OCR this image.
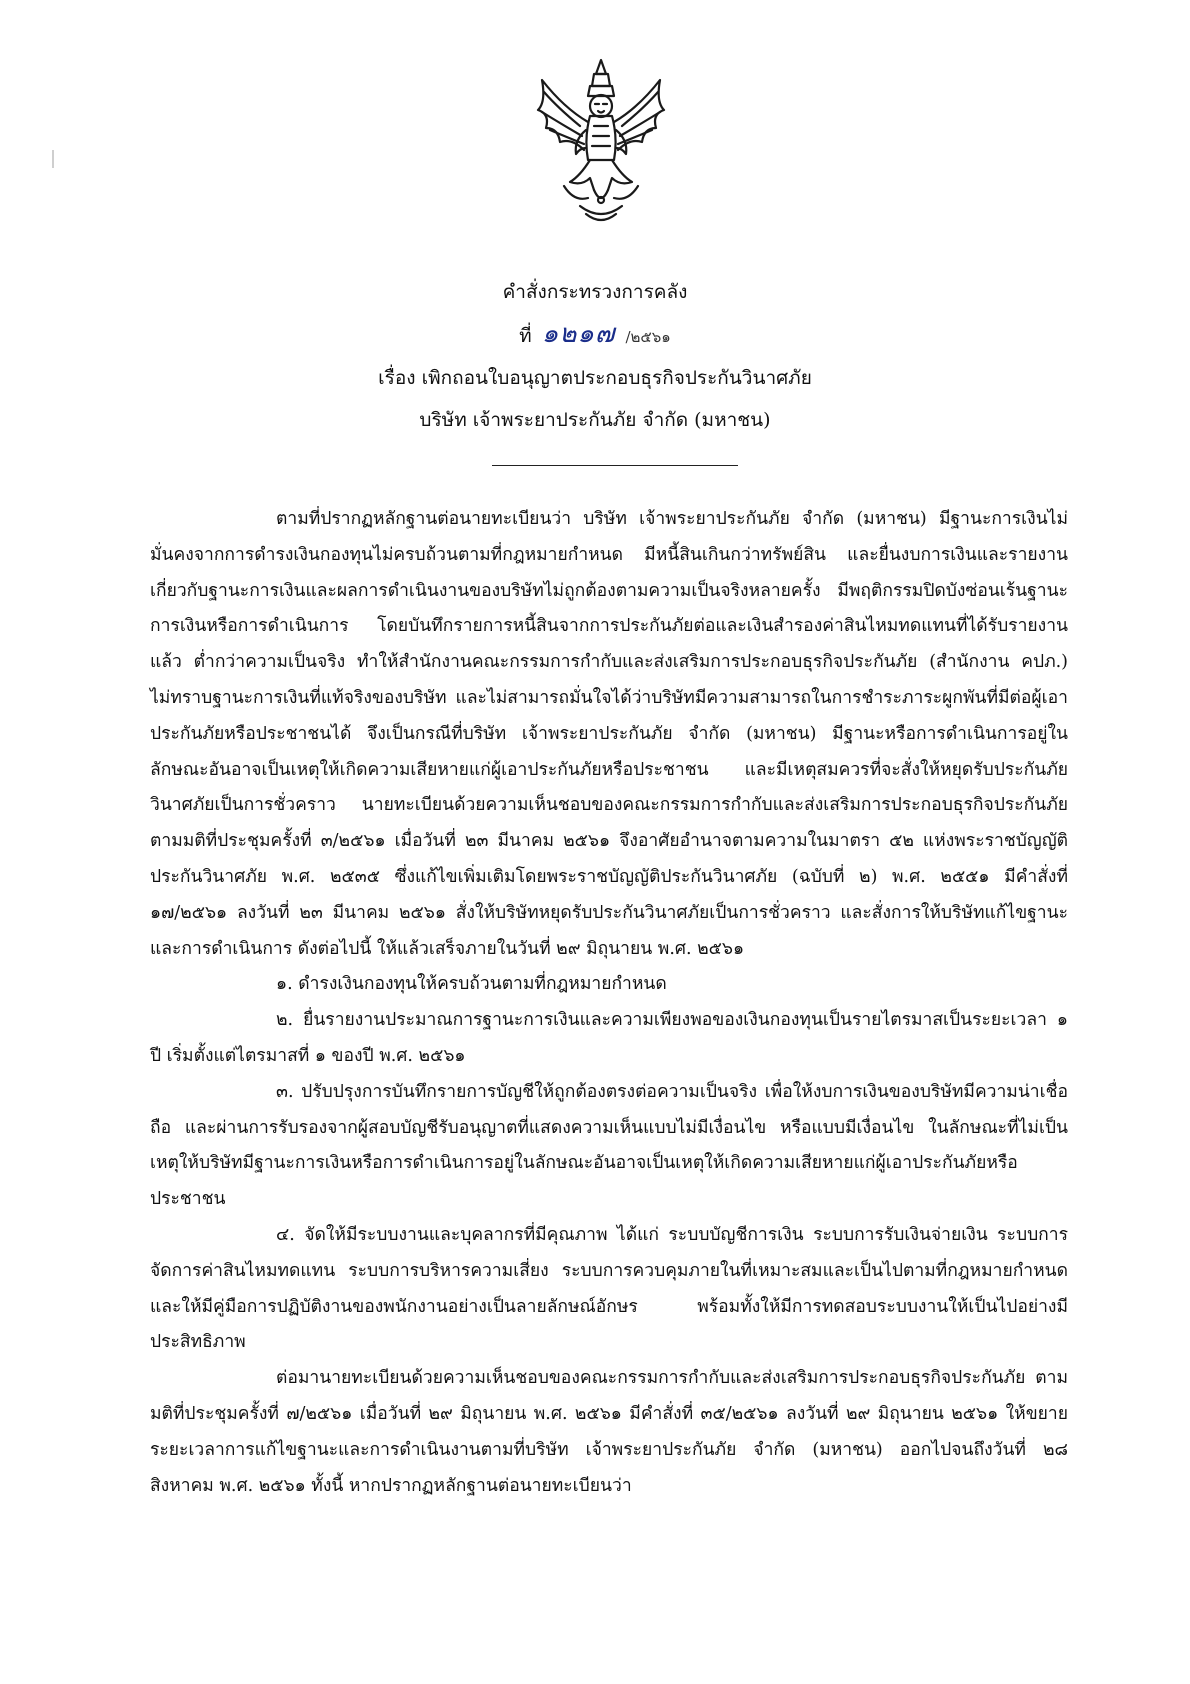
คำสั่งกระทรวงการคลัง
ที่ ๑๒๑๗ /๒๕๖๑
เรื่อง เพิกถอนใบอนุญาตประกอบธุรกิจประกันวินาศภัย
บริษัท เจ้าพระยาประกันภัย จำกัด (มหาชน)

ตามที่ปรากฏหลักฐานต่อนายทะเบียนว่า บริษัท เจ้าพระยาประกันภัย จำกัด (มหาชน) มีฐานะการเงินไม่มั่นคงจากการดำรงเงินกองทุนไม่ครบถ้วนตามที่กฎหมายกำหนด มีหนี้สินเกินกว่าทรัพย์สิน และยื่นงบการเงินและรายงานเกี่ยวกับฐานะการเงินและผลการดำเนินงานของบริษัทไม่ถูกต้องตามความเป็นจริงหลายครั้ง มีพฤติกรรมปิดบังซ่อนเร้นฐานะการเงินหรือการดำเนินการ โดยบันทึกรายการหนี้สินจากการประกันภัยต่อและเงินสำรองค่าสินไหมทดแทนที่ได้รับรายงานแล้ว ต่ำกว่าความเป็นจริง ทำให้สำนักงานคณะกรรมการกำกับและส่งเสริมการประกอบธุรกิจประกันภัย (สำนักงาน คปภ.) ไม่ทราบฐานะการเงินที่แท้จริงของบริษัท และไม่สามารถมั่นใจได้ว่าบริษัทมีความสามารถในการชำระภาระผูกพันที่มีต่อผู้เอาประกันภัยหรือประชาชนได้ จึงเป็นกรณีที่บริษัท เจ้าพระยาประกันภัย จำกัด (มหาชน) มีฐานะหรือการดำเนินการอยู่ในลักษณะอันอาจเป็นเหตุให้เกิดความเสียหายแก่ผู้เอาประกันภัยหรือประชาชน และมีเหตุสมควรที่จะสั่งให้หยุดรับประกันภัยวินาศภัยเป็นการชั่วคราว นายทะเบียนด้วยความเห็นชอบของคณะกรรมการกำกับและส่งเสริมการประกอบธุรกิจประกันภัย ตามมติที่ประชุมครั้งที่ ๓/๒๕๖๑ เมื่อวันที่ ๒๓ มีนาคม ๒๕๖๑ จึงอาศัยอำนาจตามความในมาตรา ๕๒ แห่งพระราชบัญญัติประกันวินาศภัย พ.ศ. ๒๕๓๕ ซึ่งแก้ไขเพิ่มเติมโดยพระราชบัญญัติประกันวินาศภัย (ฉบับที่ ๒) พ.ศ. ๒๕๕๑ มีคำสั่งที่ ๑๗/๒๕๖๑ ลงวันที่ ๒๓ มีนาคม ๒๕๖๑ สั่งให้บริษัทหยุดรับประกันวินาศภัยเป็นการชั่วคราว และสั่งการให้บริษัทแก้ไขฐานะและการดำเนินการ ดังต่อไปนี้ ให้แล้วเสร็จภายในวันที่ ๒๙ มิถุนายน พ.ศ. ๒๕๖๑

๑. ดำรงเงินกองทุนให้ครบถ้วนตามที่กฎหมายกำหนด

๒. ยื่นรายงานประมาณการฐานะการเงินและความเพียงพอของเงินกองทุนเป็นรายไตรมาสเป็นระยะเวลา ๑ ปี เริ่มตั้งแต่ไตรมาสที่ ๑ ของปี พ.ศ. ๒๕๖๑

๓. ปรับปรุงการบันทึกรายการบัญชีให้ถูกต้องตรงต่อความเป็นจริง เพื่อให้งบการเงินของบริษัทมีความน่าเชื่อถือ และผ่านการรับรองจากผู้สอบบัญชีรับอนุญาตที่แสดงความเห็นแบบไม่มีเงื่อนไข หรือแบบมีเงื่อนไข ในลักษณะที่ไม่เป็นเหตุให้บริษัทมีฐานะการเงินหรือการดำเนินการอยู่ในลักษณะอันอาจเป็นเหตุให้เกิดความเสียหายแก่ผู้เอาประกันภัยหรือประชาชน

๔. จัดให้มีระบบงานและบุคลากรที่มีคุณภาพ ได้แก่ ระบบบัญชีการเงิน ระบบการรับเงินจ่ายเงิน ระบบการจัดการค่าสินไหมทดแทน ระบบการบริหารความเสี่ยง ระบบการควบคุมภายในที่เหมาะสมและเป็นไปตามที่กฎหมายกำหนด และให้มีคู่มือการปฏิบัติงานของพนักงานอย่างเป็นลายลักษณ์อักษร พร้อมทั้งให้มีการทดสอบระบบงานให้เป็นไปอย่างมีประสิทธิภาพ

ต่อมานายทะเบียนด้วยความเห็นชอบของคณะกรรมการกำกับและส่งเสริมการประกอบธุรกิจประกันภัย ตามมติที่ประชุมครั้งที่ ๗/๒๕๖๑ เมื่อวันที่ ๒๙ มิถุนายน พ.ศ. ๒๕๖๑ มีคำสั่งที่ ๓๕/๒๕๖๑ ลงวันที่ ๒๙ มิถุนายน ๒๕๖๑ ให้ขยายระยะเวลาการแก้ไขฐานะและการดำเนินงานตามที่บริษัท เจ้าพระยาประกันภัย จำกัด (มหาชน) ออกไปจนถึงวันที่ ๒๘ สิงหาคม พ.ศ. ๒๕๖๑ ทั้งนี้ หากปรากฏหลักฐานต่อนายทะเบียนว่า
